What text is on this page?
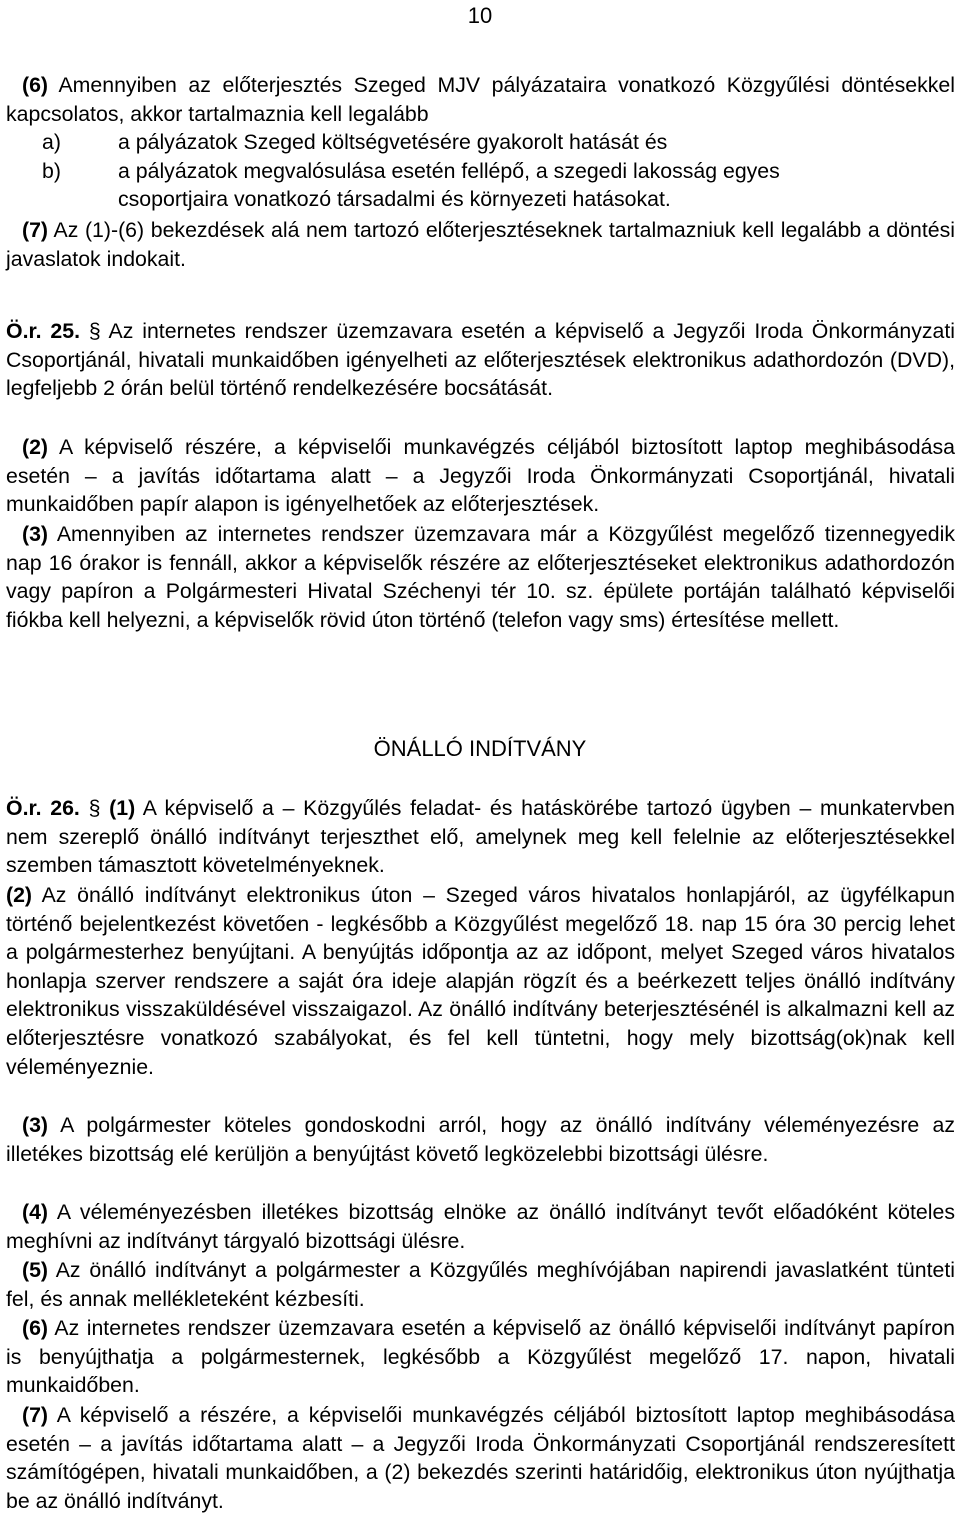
10
(6) Amennyiben az előterjesztés Szeged MJV pályázataira vonatkozó Közgyűlési döntésekkel kapcsolatos, akkor tartalmaznia kell legalább
a)	a pályázatok Szeged költségvetésére gyakorolt hatását és
b)	a pályázatok megvalósulása esetén fellépő, a szegedi lakosság egyes
csoportjaira vonatkozó társadalmi és környezeti hatásokat.
(7) Az (1)-(6) bekezdések alá nem tartozó előterjesztéseknek tartalmazniuk kell legalább a döntési javaslatok indokait.
Ö.r. 25. § Az internetes rendszer üzemzavara esetén a képviselő a Jegyzői Iroda Önkormányzati Csoportjánál, hivatali munkaidőben igényelheti az előterjesztések elektronikus adathordozón (DVD), legfeljebb 2 órán belül történő rendelkezésére bocsátását.
(2) A képviselő részére, a képviselői munkavégzés céljából biztosított laptop meghibásodása esetén – a javítás időtartama alatt – a Jegyzői Iroda Önkormányzati Csoportjánál, hivatali munkaidőben papír alapon is igényelhetőek az előterjesztések.
(3) Amennyiben az internetes rendszer üzemzavara már a Közgyűlést megelőző tizennegyedik nap 16 órakor is fennáll, akkor a képviselők részére az előterjesztéseket elektronikus adathordozón vagy papíron a Polgármesteri Hivatal Széchenyi tér 10. sz. épülete portáján található képviselői fiókba kell helyezni, a képviselők rövid úton történő (telefon vagy sms) értesítése mellett.
ÖNÁLLÓ INDÍTVÁNY
Ö.r. 26. § (1) A képviselő a – Közgyűlés feladat- és hatáskörébe tartozó ügyben – munkatervben nem szereplő önálló indítványt terjeszthet elő, amelynek meg kell felelnie az előterjesztésekkel szemben támasztott követelményeknek.
(2) Az önálló indítványt elektronikus úton – Szeged város hivatalos honlapjáról, az ügyfélkapun történő bejelentkezést követően - legkésőbb a Közgyűlést megelőző 18. nap 15 óra 30 percig lehet a polgármesterhez benyújtani. A benyújtás időpontja az az időpont, melyet Szeged város hivatalos honlapja szerver rendszere a saját óra ideje alapján rögzít és a beérkezett teljes önálló indítvány elektronikus visszaküldésével visszaigazol. Az önálló indítvány beterjesztésénél is alkalmazni kell az előterjesztésre vonatkozó szabályokat, és fel kell tüntetni, hogy mely bizottság(ok)nak kell véleményeznie.
(3) A polgármester köteles gondoskodni arról, hogy az önálló indítvány véleményezésre az illetékes bizottság elé kerüljön a benyújtást követő legközelebbi bizottsági ülésre.
(4) A véleményezésben illetékes bizottság elnöke az önálló indítványt tevőt előadóként köteles meghívni az indítványt tárgyaló bizottsági ülésre.
(5) Az önálló indítványt a polgármester a Közgyűlés meghívójában napirendi javaslatként tünteti fel, és annak mellékleteként kézbesíti.
(6) Az internetes rendszer üzemzavara esetén a képviselő az önálló képviselői indítványt papíron is benyújthatja a polgármesternek, legkésőbb a Közgyűlést megelőző 17. napon, hivatali munkaidőben.
(7) A képviselő a részére, a képviselői munkavégzés céljából biztosított laptop meghibásodása esetén – a javítás időtartama alatt – a Jegyzői Iroda Önkormányzati Csoportjánál rendszeresített számítógépen, hivatali munkaidőben, a (2) bekezdés szerinti határidőig, elektronikus úton nyújthatja be az önálló indítványt.
